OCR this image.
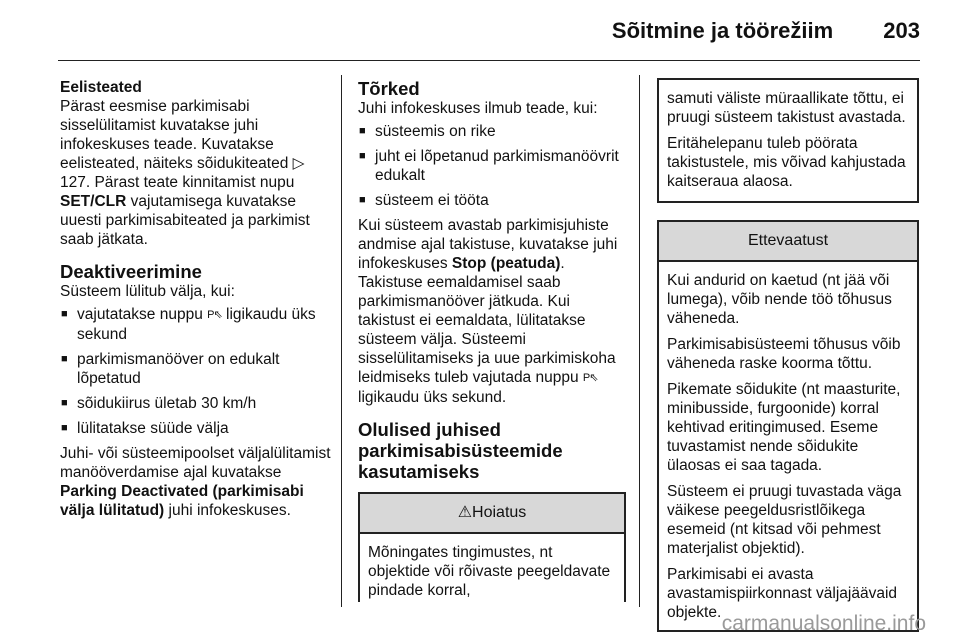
Sõitmine ja töörežiim 203
Eelisteated

Pärast eesmise parkimisabi sisselülitamist kuvatakse juhi infokeskuses teade. Kuvatakse eelisteated, näiteks sõidukiteated ▷ 127. Pärast teate kinnitamist nupu SET/CLR vajutamisega kuvatakse uuesti parkimisabiteated ja parkimist saab jätkata.

Deaktiveerimine

Süsteem lülitub välja, kui:

■ vajutatakse nuppu P⇖ ligikaudu üks sekund
■ parkimismanööver on edukalt lõpetatud
■ sõidukiirus ületab 30 km/h
■ lülitatakse süüde välja

Juhi- või süsteemipoolset väljalülitamist manööverdamise ajal kuvatakse Parking Deactivated (parkimisabi välja lülitatud) juhi infokeskuses.

Tõrked

Juhi infokeskuses ilmub teade, kui:

■ süsteemis on rike
■ juht ei lõpetanud parkimismanöövrit edukalt
■ süsteem ei tööta

Kui süsteem avastab parkimisjuhiste andmise ajal takistuse, kuvatakse juhi infokeskuses Stop (peatuda). Takistuse eemaldamisel saab parkimismanööver jätkuda. Kui takistust ei eemaldata, lülitatakse süsteem välja. Süsteemi sisselülitamiseks ja uue parkimiskoha leidmiseks tuleb vajutada nuppu P⇖ ligikaudu üks sekund.

Olulised juhised parkimisabisüsteemide kasutamiseks
⚠Hoiatus

Mõningates tingimustes, nt objektide või rõivaste peegeldavate pindade korral,

samuti väliste müraallikate tõttu, ei pruugi süsteem takistust avastada.

Eritähelepanu tuleb pöörata takistustele, mis võivad kahjustada kaitseraua alaosa.

Ettevaatust

Kui andurid on kaetud (nt jää või lumega), võib nende töö tõhusus väheneda.

Parkimisabisüsteemi tõhusus võib väheneda raske koorma tõttu.

Pikemate sõidukite (nt maasturite, minibusside, furgoonide) korral kehtivad eritingimused. Eseme tuvastamist nende sõidukite ülaosas ei saa tagada.

Süsteem ei pruugi tuvastada väga väikese peegeldusristlõikega esemeid (nt kitsad või pehmest materjalist objektid).

Parkimisabi ei avasta avastamispiirkonnast väljajäävaid objekte. carmanualsonline.info
